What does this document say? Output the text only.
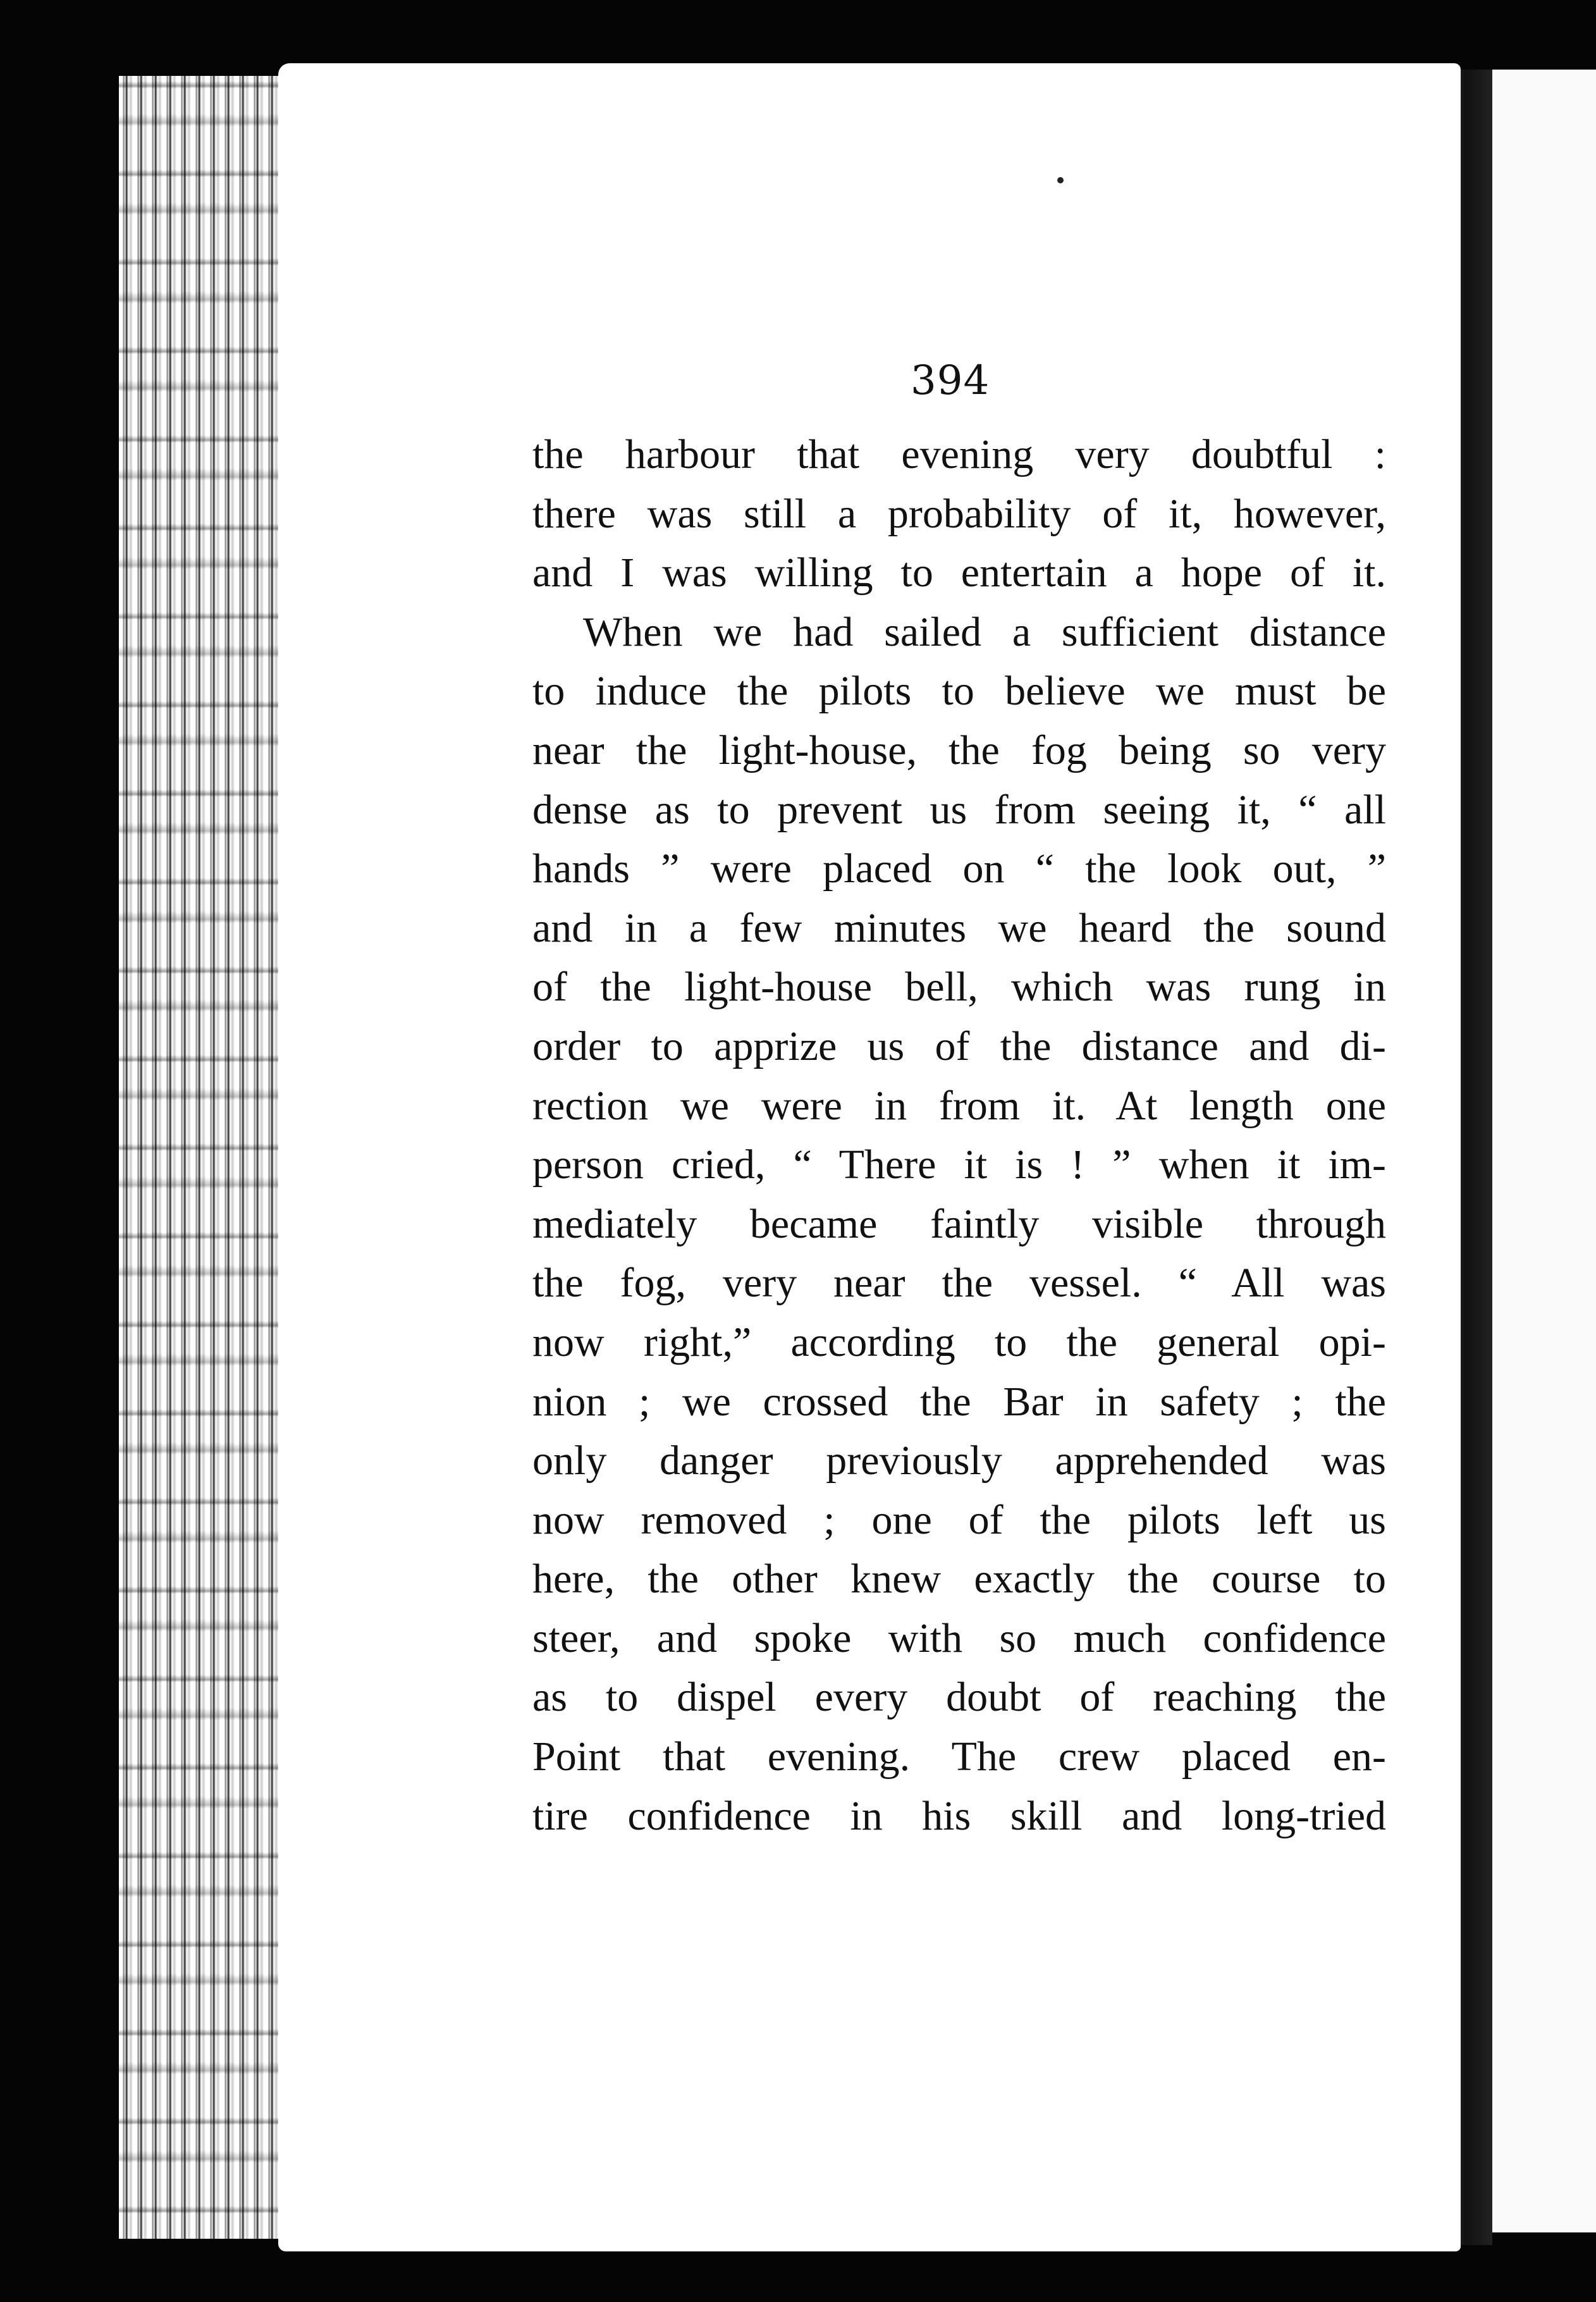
394
the harbour that evening very doubtful :
there was still a probability of it, however,
and I was willing to entertain a hope of it.
When we had sailed a sufficient distance
to induce the pilots to believe we must be
near the light-house, the fog being so very
dense as to prevent us from seeing it, “ all
hands ” were placed on “ the look out, ”
and in a few minutes we heard the sound
of the light-house bell, which was rung in
order to apprize us of the distance and di-
rection we were in from it. At length one
person cried, “ There it is ! ” when it im-
mediately became faintly visible through
the fog, very near the vessel. “ All was
now right,” according to the general opi-
nion ; we crossed the Bar in safety ; the
only danger previously apprehended was
now removed ; one of the pilots left us
here, the other knew exactly the course to
steer, and spoke with so much confidence
as to dispel every doubt of reaching the
Point that evening. The crew placed en-
tire confidence in his skill and long-tried
